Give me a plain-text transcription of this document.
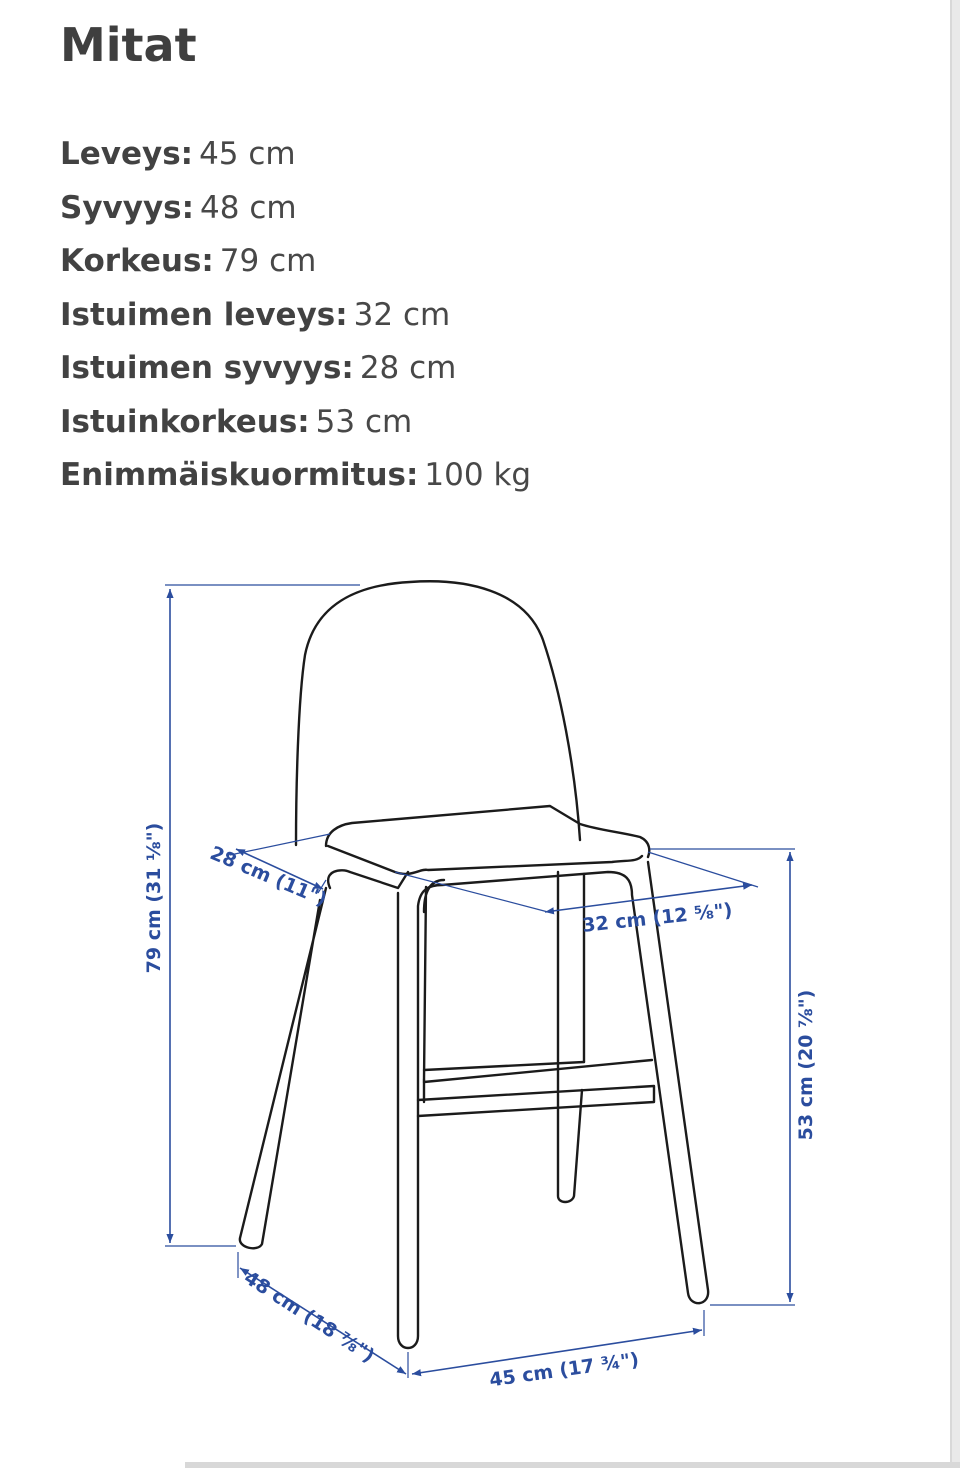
Mitat
Leveys: 45 cm
Syvyys: 48 cm
Korkeus: 79 cm
Istuimen leveys: 32 cm
Istuimen syvyys: 28 cm
Istuinkorkeus: 53 cm
Enimmäiskuormitus: 100 kg
79 cm (31 ⅛")
53 cm (20 ⅞")
28 cm (11")
32 cm (12 ⅝")
48 cm (18 ⅞")
45 cm (17 ¾")
